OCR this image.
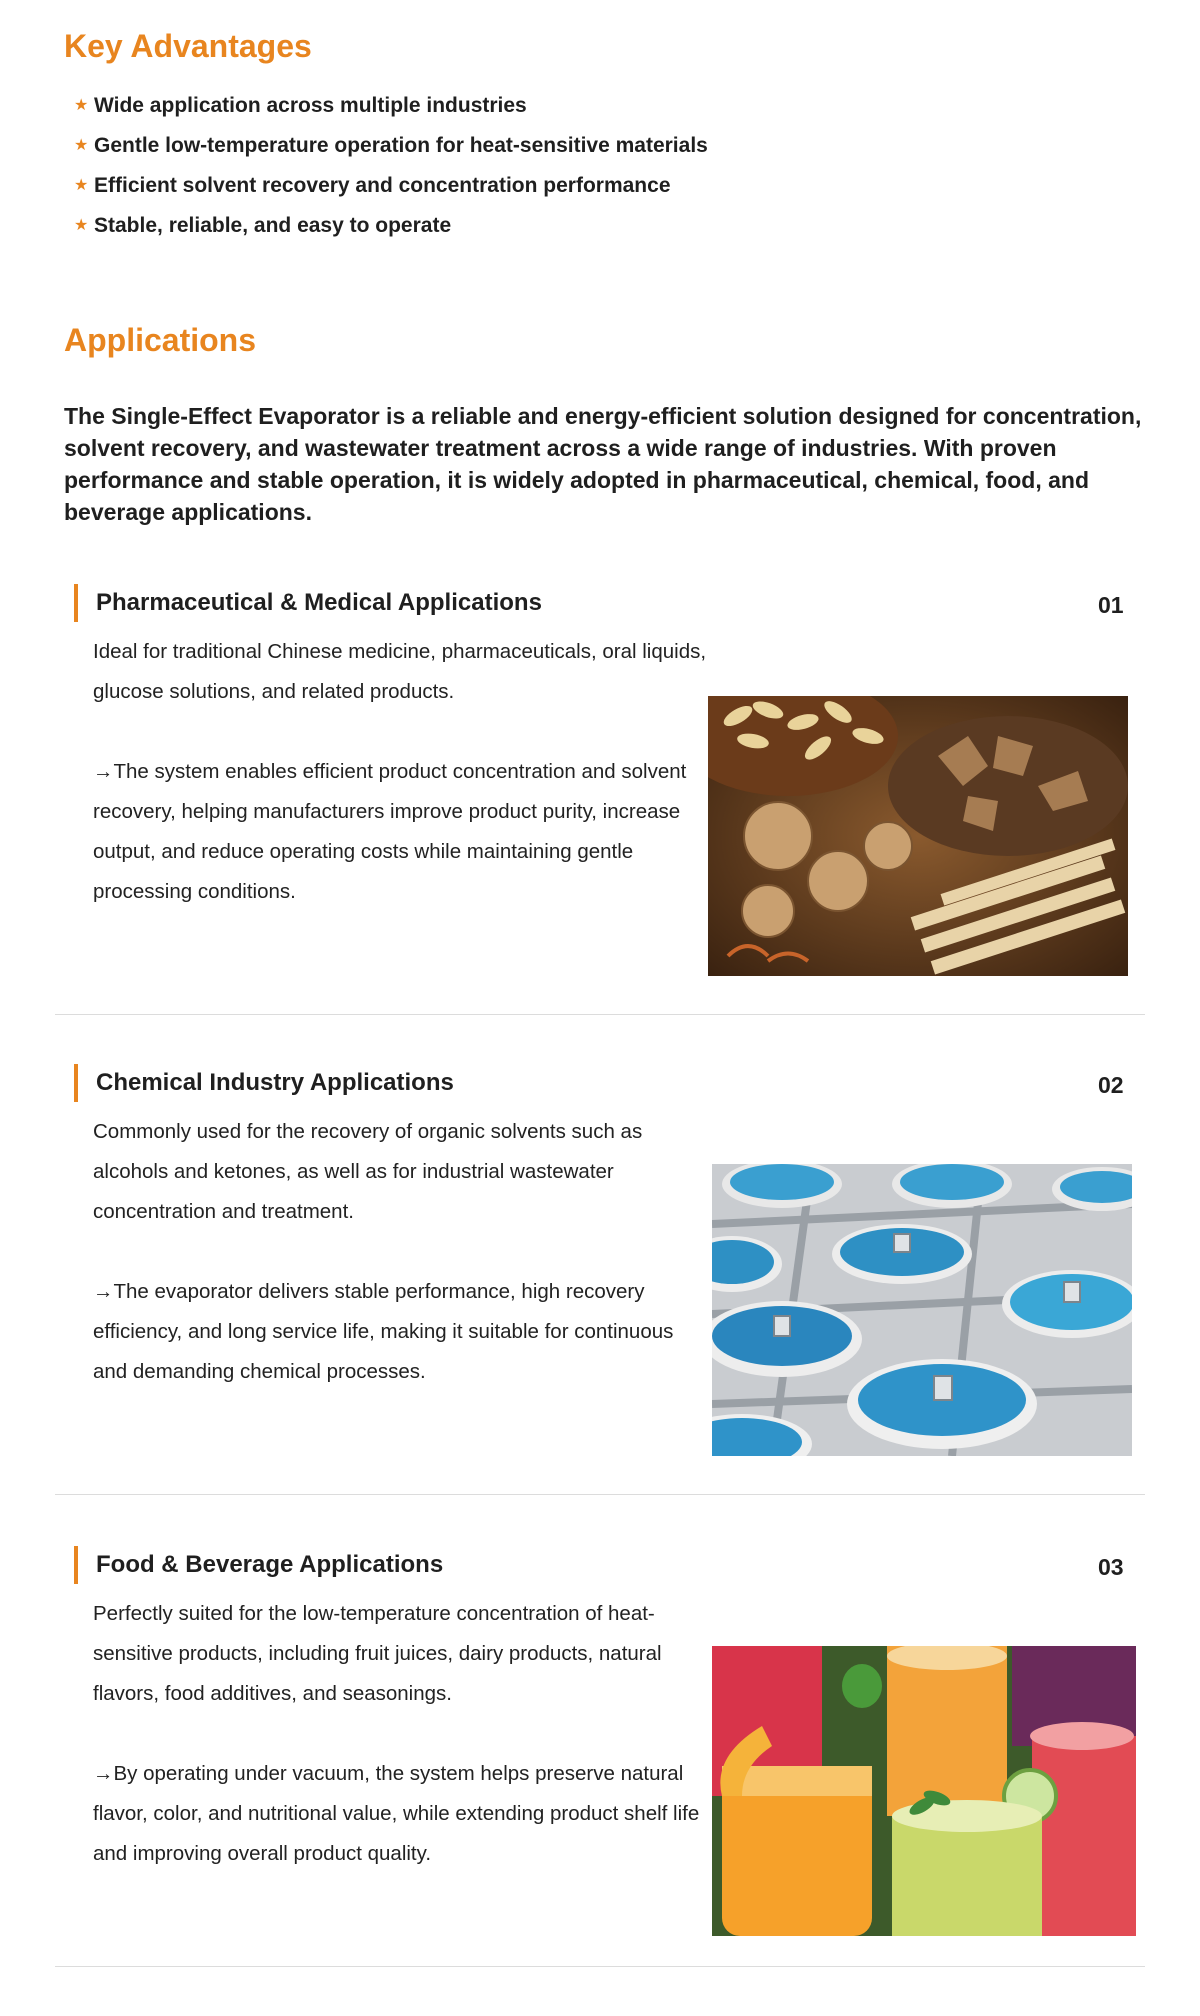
Key Advantages
★ Wide application across multiple industries
★ Gentle low-temperature operation for heat-sensitive materials
★ Efficient solvent recovery and concentration performance
★ Stable, reliable, and easy to operate
Applications

The Single-Effect Evaporator is a reliable and energy-efficient solution designed for concentration, solvent recovery, and wastewater treatment across a wide range of industries. With proven performance and stable operation, it is widely adopted in pharmaceutical, chemical, food, and beverage applications.

Pharmaceutical & Medical Applications	01

Ideal for traditional Chinese medicine, pharmaceuticals, oral liquids, glucose solutions, and related products.

→The system enables efficient product concentration and solvent recovery, helping manufacturers improve product purity, increase output, and reduce operating costs while maintaining gentle processing conditions.

Chemical Industry Applications	02

Commonly used for the recovery of organic solvents such as alcohols and ketones, as well as for industrial wastewater concentration and treatment.

→The evaporator delivers stable performance, high recovery efficiency, and long service life, making it suitable for continuous and demanding chemical processes.

Food & Beverage Applications	03

Perfectly suited for the low-temperature concentration of heat-sensitive products, including fruit juices, dairy products, natural flavors, food additives, and seasonings.

→By operating under vacuum, the system helps preserve natural flavor, color, and nutritional value, while extending product shelf life and improving overall product quality.
